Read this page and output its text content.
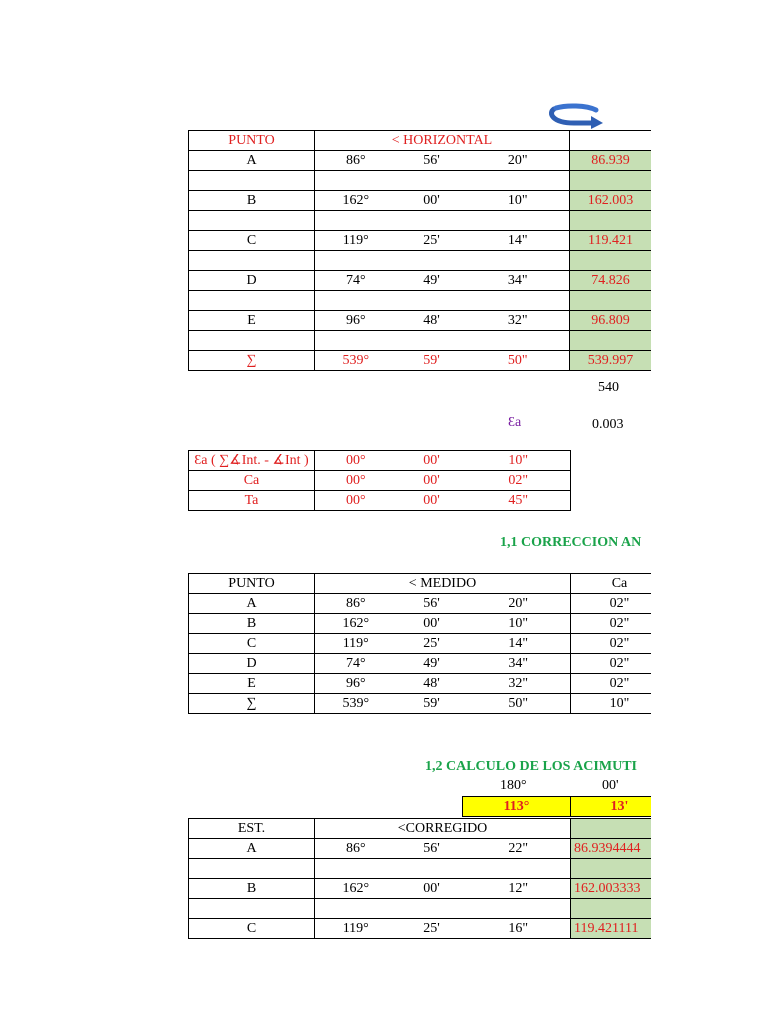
PUNTO	< HORIZONTAL			
A	86°	56'	20"	86.939

B	162°	00'	10"	162.003

C	119°	25'	14"	119.421

D	74°	49'	34"	74.826

E	96°	48'	32"	96.809

∑	539°	59'	50"	539.997
540
Ɛa	0.003
Ɛa ( ∑∡Int. - ∡Int )	00°	00'	10"
Ca	00°	00'	02"
Ta	00°	00'	45"
1,1 CORRECCION AN
PUNTO	< MEDIDO			Ca
A	86°	56'	20"	02"
B	162°	00'	10"	02"
C	119°	25'	14"	02"
D	74°	49'	34"	02"
E	96°	48'	32"	02"
∑	539°	59'	50"	10"
1,2 CALCULO DE LOS ACIMUTI
180°	00'
113°	13'
EST.	<CORREGIDO			
A	86°	56'	22"	86.9394444

B	162°	00'	12"	162.003333

C	119°	25'	16"	119.421111
